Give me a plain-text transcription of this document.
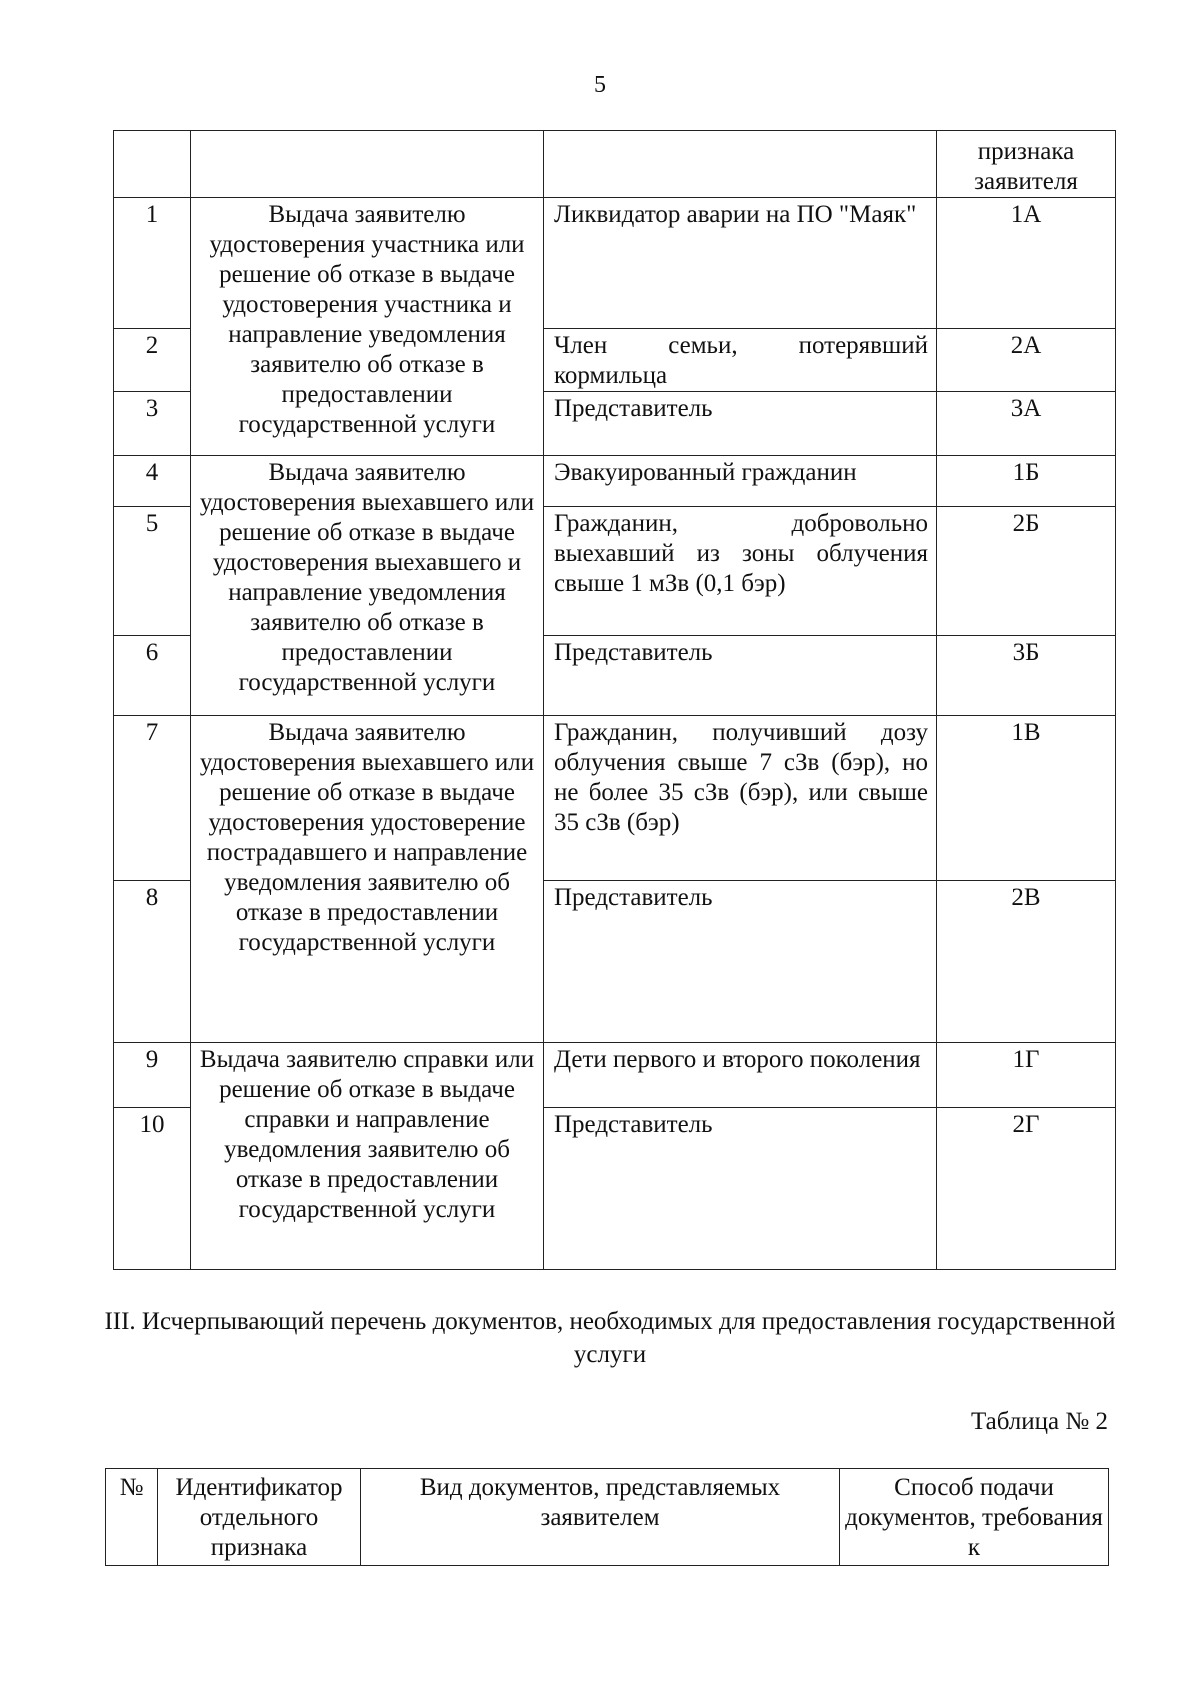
5
			признака заявителя
1	Выдача заявителю удостоверения участника или решение об отказе в выдаче удостоверения участника и направление уведомления заявителю об отказе в предоставлении государственной услуги	Ликвидатор аварии на ПО "Маяк"	1А
2		Член семьи, потерявший кормильца	2А
3		Представитель	3А
4	Выдача заявителю удостоверения выехавшего или решение об отказе в выдаче удостоверения выехавшего и направление уведомления заявителю об отказе в предоставлении государственной услуги	Эвакуированный гражданин	1Б
5		Гражданин, добровольно выехавший из зоны облучения свыше 1 мЗв (0,1 бэр)	2Б
6		Представитель	3Б
7	Выдача заявителю удостоверения выехавшего или решение об отказе в выдаче удостоверения удостоверение пострадавшего и направление уведомления заявителю об отказе в предоставлении государственной услуги	Гражданин, получивший дозу облучения свыше 7 сЗв (бэр), но не более 35 сЗв (бэр), или свыше 35 сЗв (бэр)	1В
8		Представитель	2В
9	Выдача заявителю справки или решение об отказе в выдаче справки и направление уведомления заявителю об отказе в предоставлении государственной услуги	Дети первого и второго поколения	1Г
10		Представитель	2Г
III. Исчерпывающий перечень документов, необходимых для предоставления государственной услуги
Таблица № 2
№	Идентификатор отдельного признака	Вид документов, представляемых заявителем	Способ подачи документов, требования к
